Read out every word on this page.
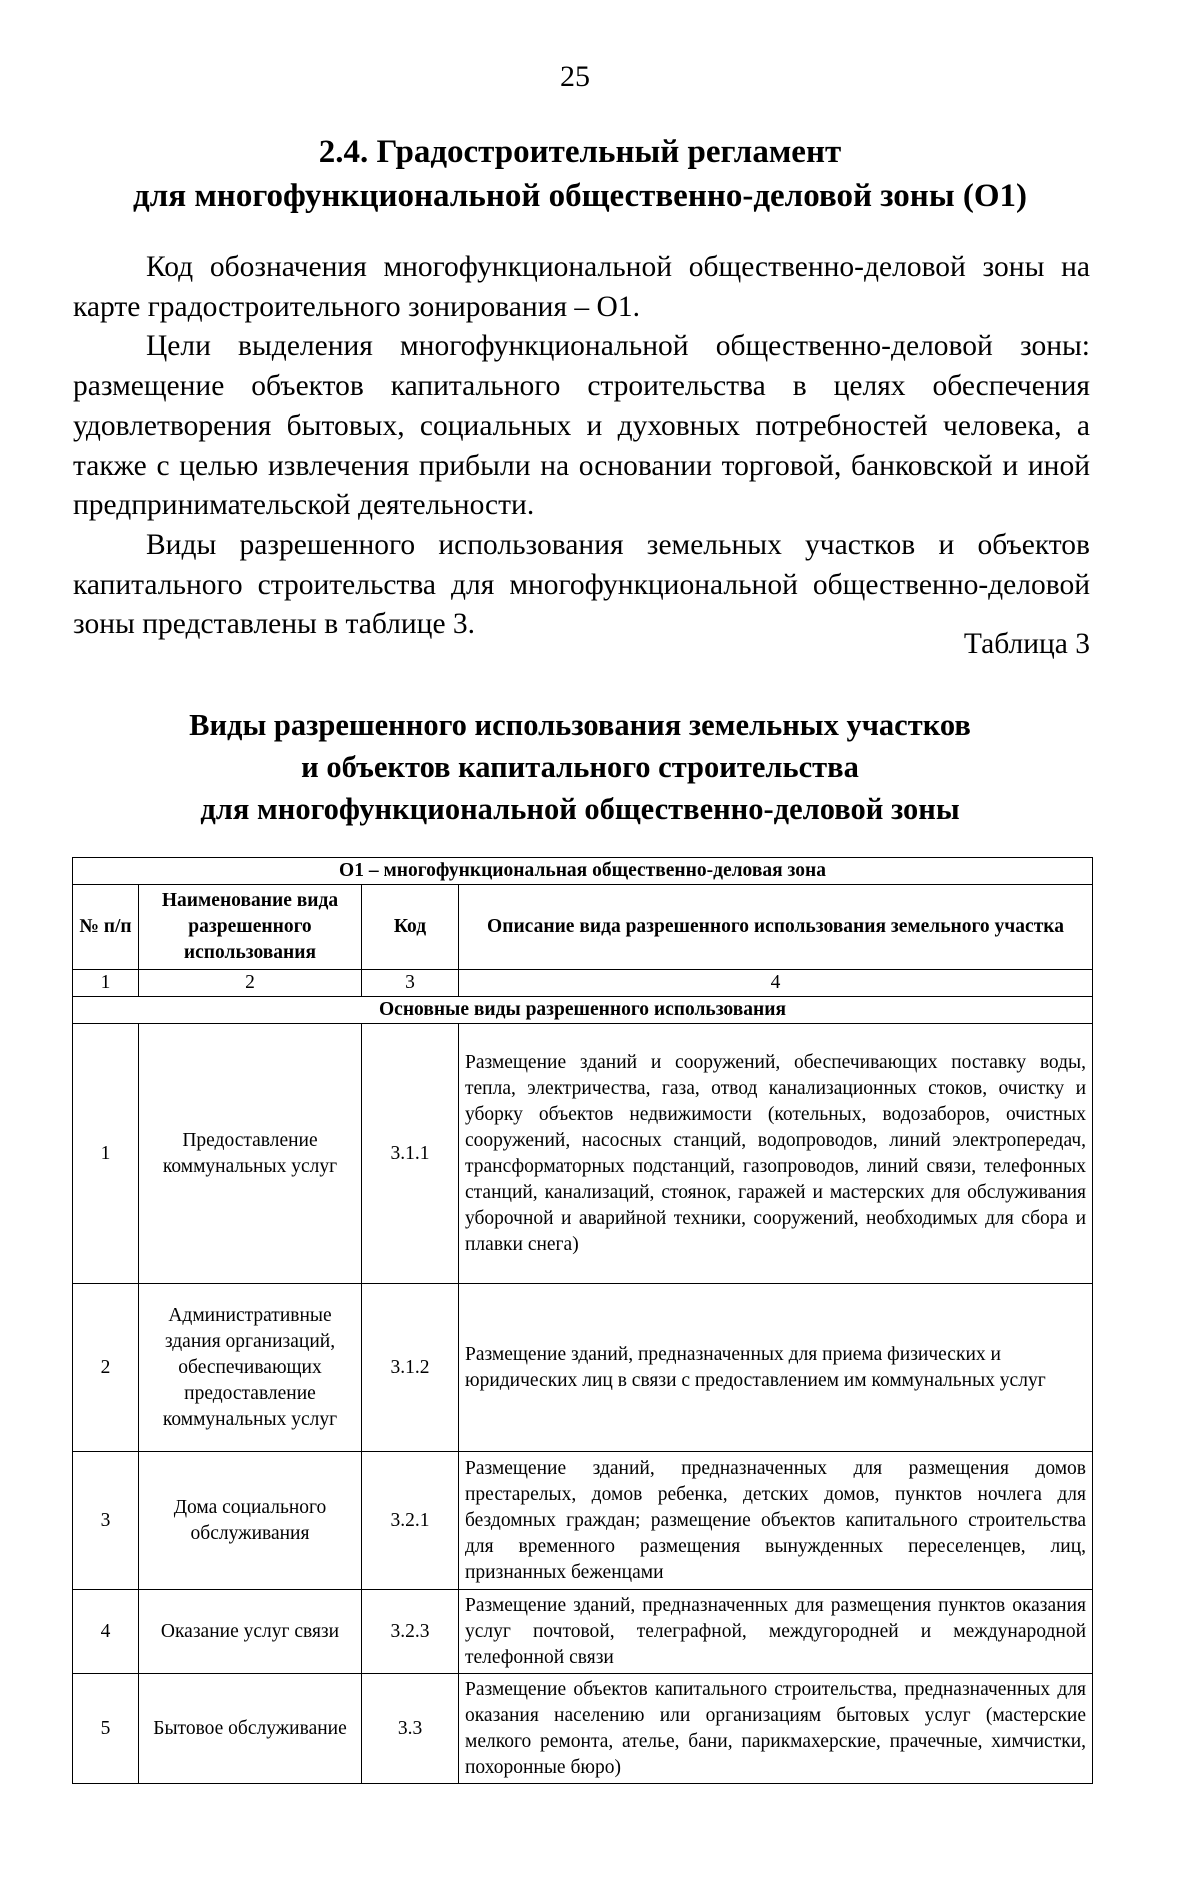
25
2.4. Градостроительный регламент
для многофункциональной общественно-деловой зоны (О1)

Код обозначения многофункциональной общественно-деловой зоны на карте градостроительного зонирования – О1.

Цели выделения многофункциональной общественно-деловой зоны: размещение объектов капитального строительства в целях обеспечения удовлетворения бытовых, социальных и духовных потребностей человека, а также с целью извлечения прибыли на основании торговой, банковской и иной предпринимательской деятельности.

Виды разрешенного использования земельных участков и объектов капитального строительства для многофункциональной общественно-деловой зоны представлены в таблице 3.

Таблица 3
Виды разрешенного использования земельных участков
и объектов капитального строительства
для многофункциональной общественно-деловой зоны
О1 – многофункциональная общественно-деловая зона			
№ п/п	Наименование вида разрешенного использования	Код	Описание вида разрешенного использования земельного участка
1	2	3	4
Основные виды разрешенного использования			
1	Предоставление коммунальных услуг	3.1.1	Размещение зданий и сооружений, обеспечивающих поставку воды, тепла, электричества, газа, отвод канализационных стоков, очистку и уборку объектов недвижимости (котельных, водозаборов, очистных сооружений, насосных станций, водопроводов, линий электропередач, трансформаторных подстанций, газопроводов, линий связи, телефонных станций, канализаций, стоянок, гаражей и мастерских для обслуживания уборочной и аварийной техники, сооружений, необходимых для сбора и плавки снега)
2	Административные здания организаций, обеспечивающих предоставление коммунальных услуг	3.1.2	Размещение зданий, предназначенных для приема физических и юридических лиц в связи с предоставлением им коммунальных услуг
3	Дома социального обслуживания	3.2.1	Размещение зданий, предназначенных для размещения домов престарелых, домов ребенка, детских домов, пунктов ночлега для бездомных граждан; размещение объектов капитального строительства для временного размещения вынужденных переселенцев, лиц, признанных беженцами
4	Оказание услуг связи	3.2.3	Размещение зданий, предназначенных для размещения пунктов оказания услуг почтовой, телеграфной, междугородней и международной телефонной связи
5	Бытовое обслуживание	3.3	Размещение объектов капитального строительства, предназначенных для оказания населению или организациям бытовых услуг (мастерские мелкого ремонта, ателье, бани, парикмахерские, прачечные, химчистки, похоронные бюро)
